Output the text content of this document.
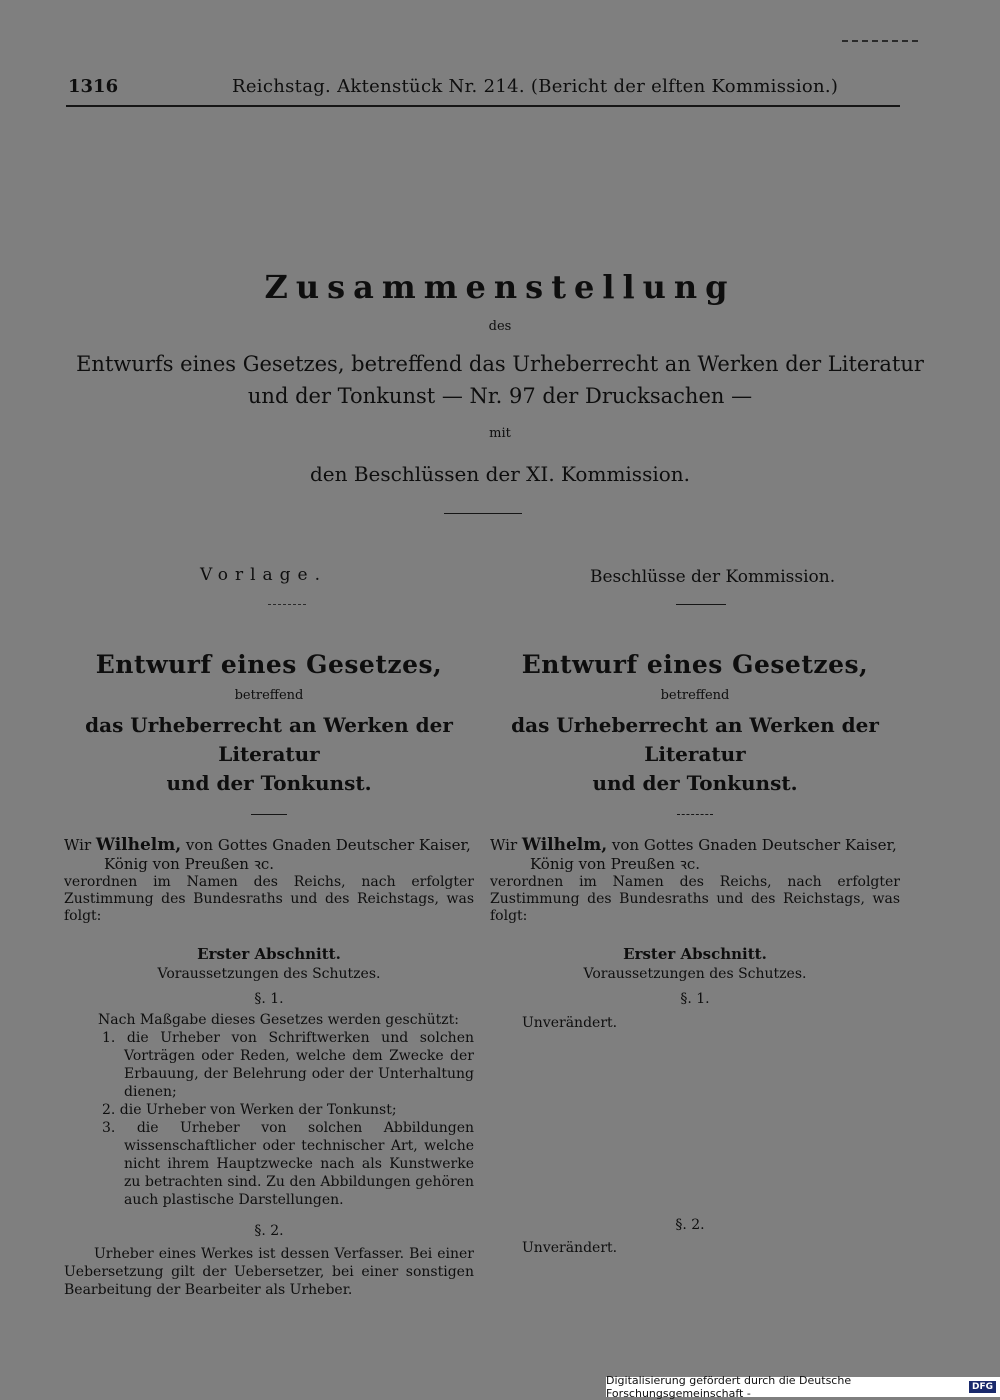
1316	Reichstag. Aktenstück Nr. 214. (Bericht der elften Kommission.)
Zusammenstellung
des
Entwurfs eines Gesetzes, betreffend das Urheberrecht an Werken der Literatur
und der Tonkunst — Nr. 97 der Drucksachen —
mit
den Beschlüssen der XI. Kommission.
Vorlage.	Beschlüsse der Kommission.
Entwurf eines Gesetzes,
betreffend
das Urheberrecht an Werken der Literatur
und der Tonkunst.
Wir Wilhelm, von Gottes Gnaden Deutscher Kaiser,
König von Preußen ꝛc.
verordnen im Namen des Reichs, nach erfolgter Zustimmung des Bundesraths und des Reichstags, was folgt:
Erster Abschnitt.
Voraussetzungen des Schutzes.
§. 1.
Nach Maßgabe dieses Gesetzes werden geschützt:
1. die Urheber von Schriftwerken und solchen Vorträgen oder Reden, welche dem Zwecke der Erbauung, der Belehrung oder der Unterhaltung dienen;
2. die Urheber von Werken der Tonkunst;
3. die Urheber von solchen Abbildungen wissenschaftlicher oder technischer Art, welche nicht ihrem Hauptzwecke nach als Kunstwerke zu betrachten sind. Zu den Abbildungen gehören auch plastische Darstellungen.
§. 2.
Urheber eines Werkes ist dessen Verfasser. Bei einer Uebersetzung gilt der Uebersetzer, bei einer sonstigen Bearbeitung der Bearbeiter als Urheber.
Entwurf eines Gesetzes,
betreffend
das Urheberrecht an Werken der Literatur
und der Tonkunst.
Wir Wilhelm, von Gottes Gnaden Deutscher Kaiser,
König von Preußen ꝛc.
verordnen im Namen des Reichs, nach erfolgter Zustimmung des Bundesraths und des Reichstags, was folgt:
Erster Abschnitt.
Voraussetzungen des Schutzes.
§. 1.
Unverändert.
§. 2.
Unverändert.
Digitalisierung gefördert durch die Deutsche Forschungsgemeinschaft -	DFG
